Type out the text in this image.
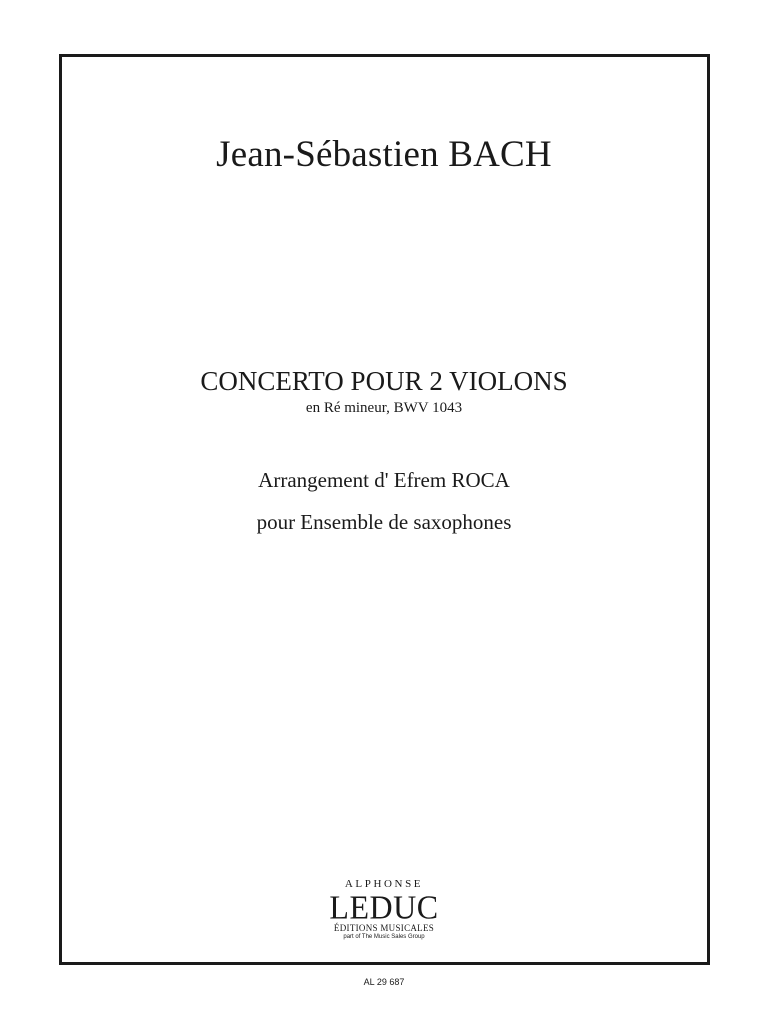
Jean-Sébastien BACH
CONCERTO POUR 2 VIOLONS
en Ré mineur, BWV 1043
Arrangement d' Efrem ROCA
pour Ensemble de saxophones
ALPHONSE
LEDUC
ÉDITIONS MUSICALES
part of The Music Sales Group
AL 29 687
